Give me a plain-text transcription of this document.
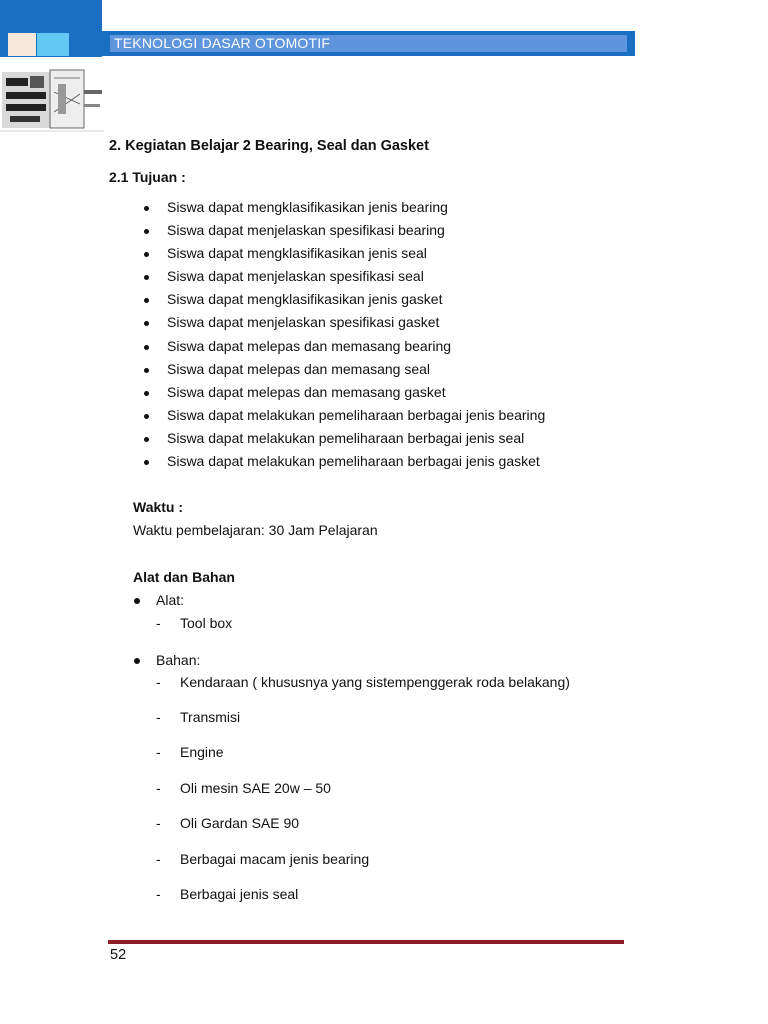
TEKNOLOGI DASAR OTOMOTIF
2. Kegiatan Belajar 2 Bearing, Seal dan Gasket
2.1 Tujuan :
Siswa dapat mengklasifikasikan jenis bearing
Siswa dapat menjelaskan spesifikasi bearing
Siswa dapat mengklasifikasikan jenis seal
Siswa dapat menjelaskan spesifikasi seal
Siswa dapat mengklasifikasikan jenis gasket
Siswa dapat menjelaskan spesifikasi gasket
Siswa dapat melepas dan memasang bearing
Siswa dapat melepas dan memasang seal
Siswa dapat melepas dan memasang gasket
Siswa dapat melakukan pemeliharaan berbagai jenis bearing
Siswa dapat melakukan pemeliharaan berbagai jenis seal
Siswa dapat melakukan pemeliharaan berbagai jenis gasket
Waktu :
Waktu pembelajaran: 30 Jam Pelajaran
Alat dan Bahan
Alat:
- Tool box
Bahan:
- Kendaraan ( khususnya yang sistempenggerak roda belakang)
- Transmisi
- Engine
- Oli mesin SAE 20w – 50
- Oli Gardan SAE 90
- Berbagai macam jenis bearing
- Berbagai jenis seal
52
